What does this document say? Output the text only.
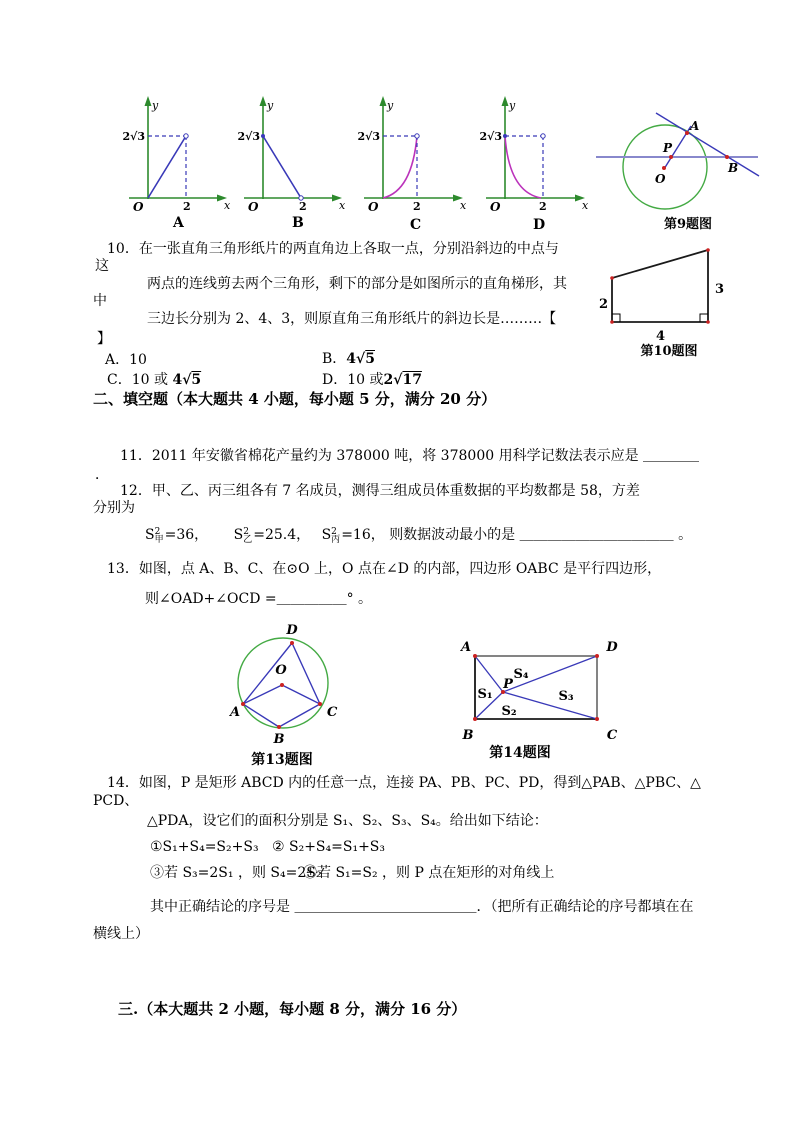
y
x
O
2√3
2
A
y
x
O
2√3
2
B
y
x
O
2√3
2
C
y
x
O
2√3
2
D
A
P
B
O
第9题图
2
3
4
第10题图
10．在一张直角三角形纸片的两直角边上各取一点，分别沿斜边的中点与
这
两点的连线剪去两个三角形，剩下的部分是如图所示的直角梯形，其
中
三边长分别为 2、4、3，则原直角三角形纸片的斜边长是………【
】
A．10	B．4√5
C．10 或 4√5	D．10 或2√17
二、填空题（本大题共 4 小题，每小题 5 分，满分 20 分）
11．2011 年安徽省棉花产量约为 378000 吨，将 378000 用科学记数法表示应是 ＿＿＿＿
．
12．甲、乙、丙三组各有 7 名成员，测得三组成员体重数据的平均数都是 58，方差
分别为
S 2
甲 =36，　　
S 2
乙 =25.4，　
S 2
丙 =16， 则数据波动最小的是 ＿＿＿＿＿＿＿＿＿＿＿ 。
13．如图，点 A、B、C、在⊙O 上，O 点在∠D 的内部，四边形 OABC 是平行四边形，
则∠OAD+∠OCD =＿＿＿＿＿° 。
D
O
A
B
C
第13题图
A	D
B	C
P
S₁
S₂
S₃
S₄
第14题图
14．如图，P 是矩形 ABCD 内的任意一点，连接 PA、PB、PC、PD，得到△PAB、△PBC、△
PCD、
△PDA，设它们的面积分别是 S₁、S₂、S₃、S₄。给出如下结论：
①S₁+S₄=S₂+S₃ ② S₂+S₄=S₁+S₃
③若 S₃=2S₁ ，则 S₄=2S₂
④若 S₁=S₂ ，则 P 点在矩形的对角线上
其中正确结论的序号是 ＿＿＿＿＿＿＿＿＿＿＿＿＿．（把所有正确结论的序号都填在在
横线上）
三.（本大题共 2 小题，每小题 8 分，满分 16 分）
